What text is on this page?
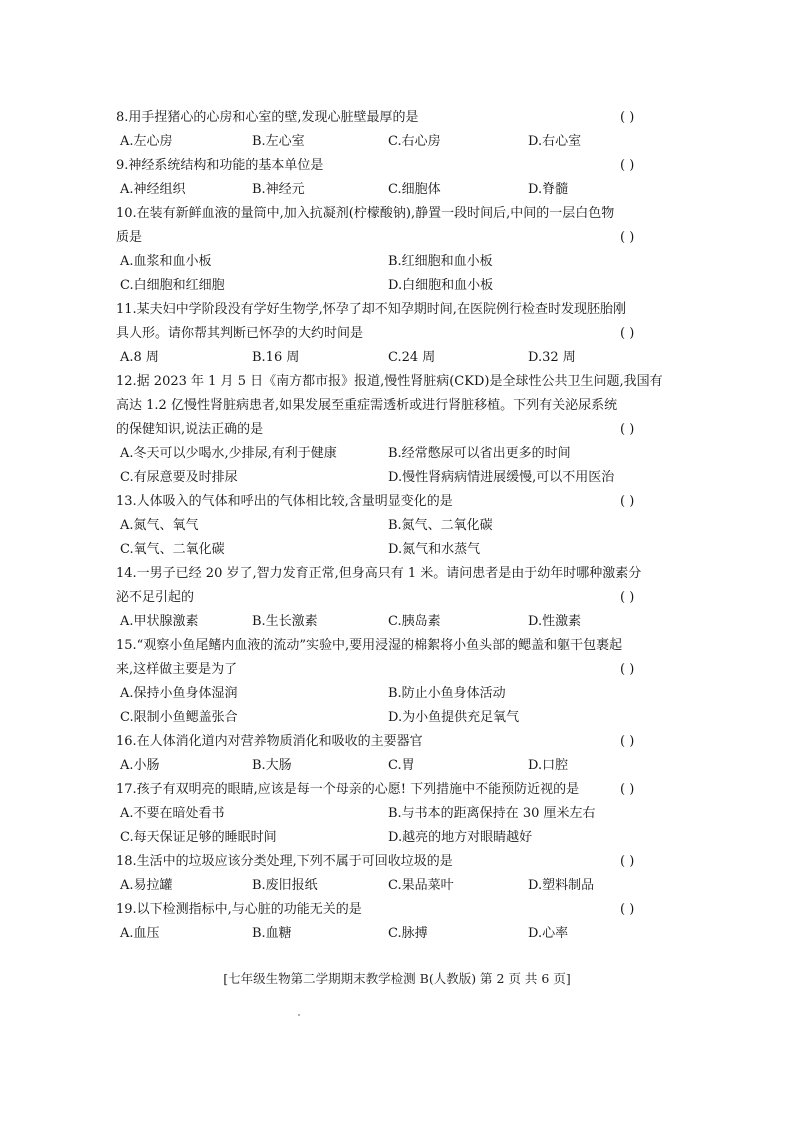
8.用手捏猪心的心房和心室的壁,发现心脏壁最厚的是	( )
A.左心房	B.左心室	C.右心房	D.右心室
9.神经系统结构和功能的基本单位是	( )
A.神经组织	B.神经元	C.细胞体	D.脊髓
10.在装有新鲜血液的量筒中,加入抗凝剂(柠檬酸钠),静置一段时间后,中间的一层白色物
质是	( )
A.血浆和血小板	B.红细胞和血小板
C.白细胞和红细胞	D.白细胞和血小板
11.某夫妇中学阶段没有学好生物学,怀孕了却不知孕期时间,在医院例行检查时发现胚胎刚
具人形。请你帮其判断已怀孕的大约时间是	( )
A.8 周	B.16 周	C.24 周	D.32 周
12.据 2023 年 1 月 5 日《南方都市报》报道,慢性肾脏病(CKD)是全球性公共卫生问题,我国有
高达 1.2 亿慢性肾脏病患者,如果发展至重症需透析或进行肾脏移植。下列有关泌尿系统
的保健知识,说法正确的是	( )
A.冬天可以少喝水,少排尿,有利于健康	B.经常憋尿可以省出更多的时间
C.有尿意要及时排尿	D.慢性肾病病情进展缓慢,可以不用医治
13.人体吸入的气体和呼出的气体相比较,含量明显变化的是	( )
A.氮气、氧气	B.氮气、二氧化碳
C.氧气、二氧化碳	D.氮气和水蒸气
14.一男子已经 20 岁了,智力发育正常,但身高只有 1 米。请问患者是由于幼年时哪种激素分
泌不足引起的	( )
A.甲状腺激素	B.生长激素	C.胰岛素	D.性激素
15.“观察小鱼尾鳍内血液的流动”实验中,要用浸湿的棉絮将小鱼头部的鳃盖和躯干包裹起
来,这样做主要是为了	( )
A.保持小鱼身体湿润	B.防止小鱼身体活动
C.限制小鱼鳃盖张合	D.为小鱼提供充足氧气
16.在人体消化道内对营养物质消化和吸收的主要器官	( )
A.小肠	B.大肠	C.胃	D.口腔
17.孩子有双明亮的眼睛,应该是每一个母亲的心愿! 下列措施中不能预防近视的是	( )
A.不要在暗处看书	B.与书本的距离保持在 30 厘米左右
C.每天保证足够的睡眠时间	D.越亮的地方对眼睛越好
18.生活中的垃圾应该分类处理,下列不属于可回收垃圾的是	( )
A.易拉罐	B.废旧报纸	C.果品菜叶	D.塑料制品
19.以下检测指标中,与心脏的功能无关的是	( )
A.血压	B.血糖	C.脉搏	D.心率
[七年级生物第二学期期末教学检测 B(人教版) 第 2 页 共 6 页]
